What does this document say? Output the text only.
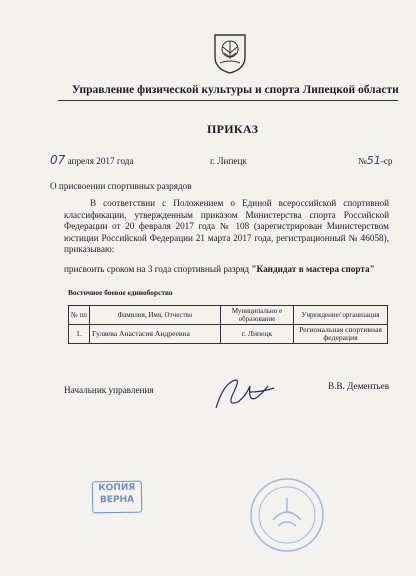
Управление физической культуры и спорта Липецкой области
ПРИКАЗ
07 апреля 2017 года	г. Липецк	№51-ср
О присвоении спортивных разрядов
В соответствии с Положением о Единой всероссийской спортивной классификации, утвержденным приказом Министерства спорта Российской Федерации от 20 февраля 2017 года № 108 (зарегистрирован Министерством юстиции Российской Федерации 21 марта 2017 года, регистрационный № 46058), приказываю:
присвоить сроком на 3 года спортивный разряд "Кандидат в мастера спорта"
Восточное боевое единоборство
№ пп	Фамилия, Имя, Отчество	Муниципально е образование	Учреждение/ организация
1.	Гуляева Анастасия Андреевна	г. Липецк	Региональная спортивная федерация
Начальник управления	В.В. Дементьев
КОПИЯ
ВЕРНА
